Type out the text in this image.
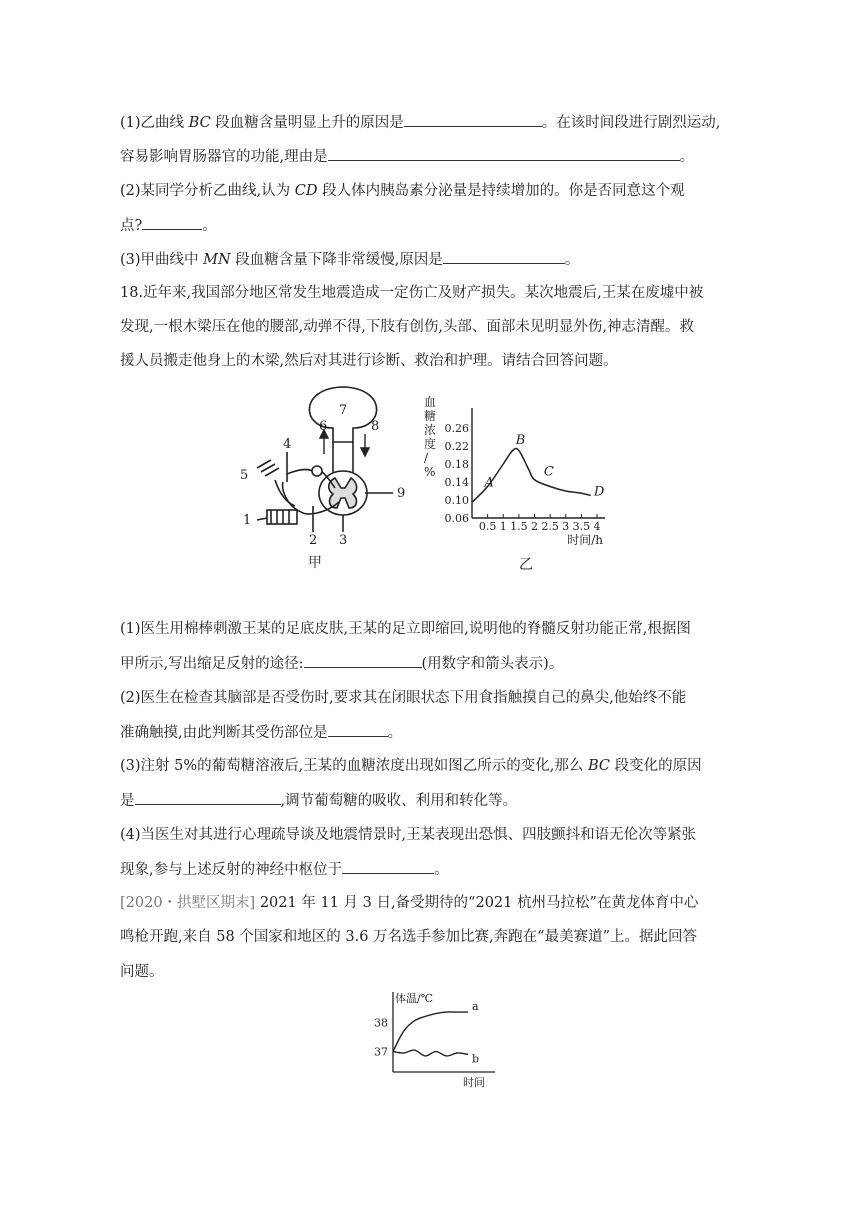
(1)乙曲线 BC 段血糖含量明显上升的原因是	。在该时间段进行剧烈运动,
容易影响胃肠器官的功能,理由是	。
(2)某同学分析乙曲线,认为 CD 段人体内胰岛素分泌量是持续增加的。你是否同意这个观
点?	。
(3)甲曲线中 MN 段血糖含量下降非常缓慢,原因是	。
18.近年来,我国部分地区常发生地震造成一定伤亡及财产损失。某次地震后,王某在废墟中被
发现,一根木梁压在他的腰部,动弹不得,下肢有创伤,头部、面部未见明显外伤,神志清醒。救
援人员搬走他身上的木梁,然后对其进行诊断、救治和护理。请结合回答问题。
1
2 3
4
5
6
7
8
9
甲
血
糖
浓
度
/
%
0.06
0.10
0.14
0.18
0.22
0.26
0.5 1 1.5 2 2.5 3 3.5 4
时间/h
A
B
C
D
乙
(1)医生用棉棒刺激王某的足底皮肤,王某的足立即缩回,说明他的脊髓反射功能正常,根据图
甲所示,写出缩足反射的途径:	(用数字和箭头表示)。
(2)医生在检查其脑部是否受伤时,要求其在闭眼状态下用食指触摸自己的鼻尖,他始终不能
准确触摸,由此判断其受伤部位是	。
(3)注射 5%的葡萄糖溶液后,王某的血糖浓度出现如图乙所示的变化,那么 BC 段变化的原因
是	,调节葡萄糖的吸收、利用和转化等。
(4)当医生对其进行心理疏导谈及地震情景时,王某表现出恐惧、四肢颤抖和语无伦次等紧张
现象,参与上述反射的神经中枢位于	。
[2020・拱墅区期末] 2021 年 11 月 3 日,备受期待的“2021 杭州马拉松”在黄龙体育中心
鸣枪开跑,来自 58 个国家和地区的 3.6 万名选手参加比赛,奔跑在“最美赛道”上。据此回答
问题。
体温/℃
时间
37
38
a
b
